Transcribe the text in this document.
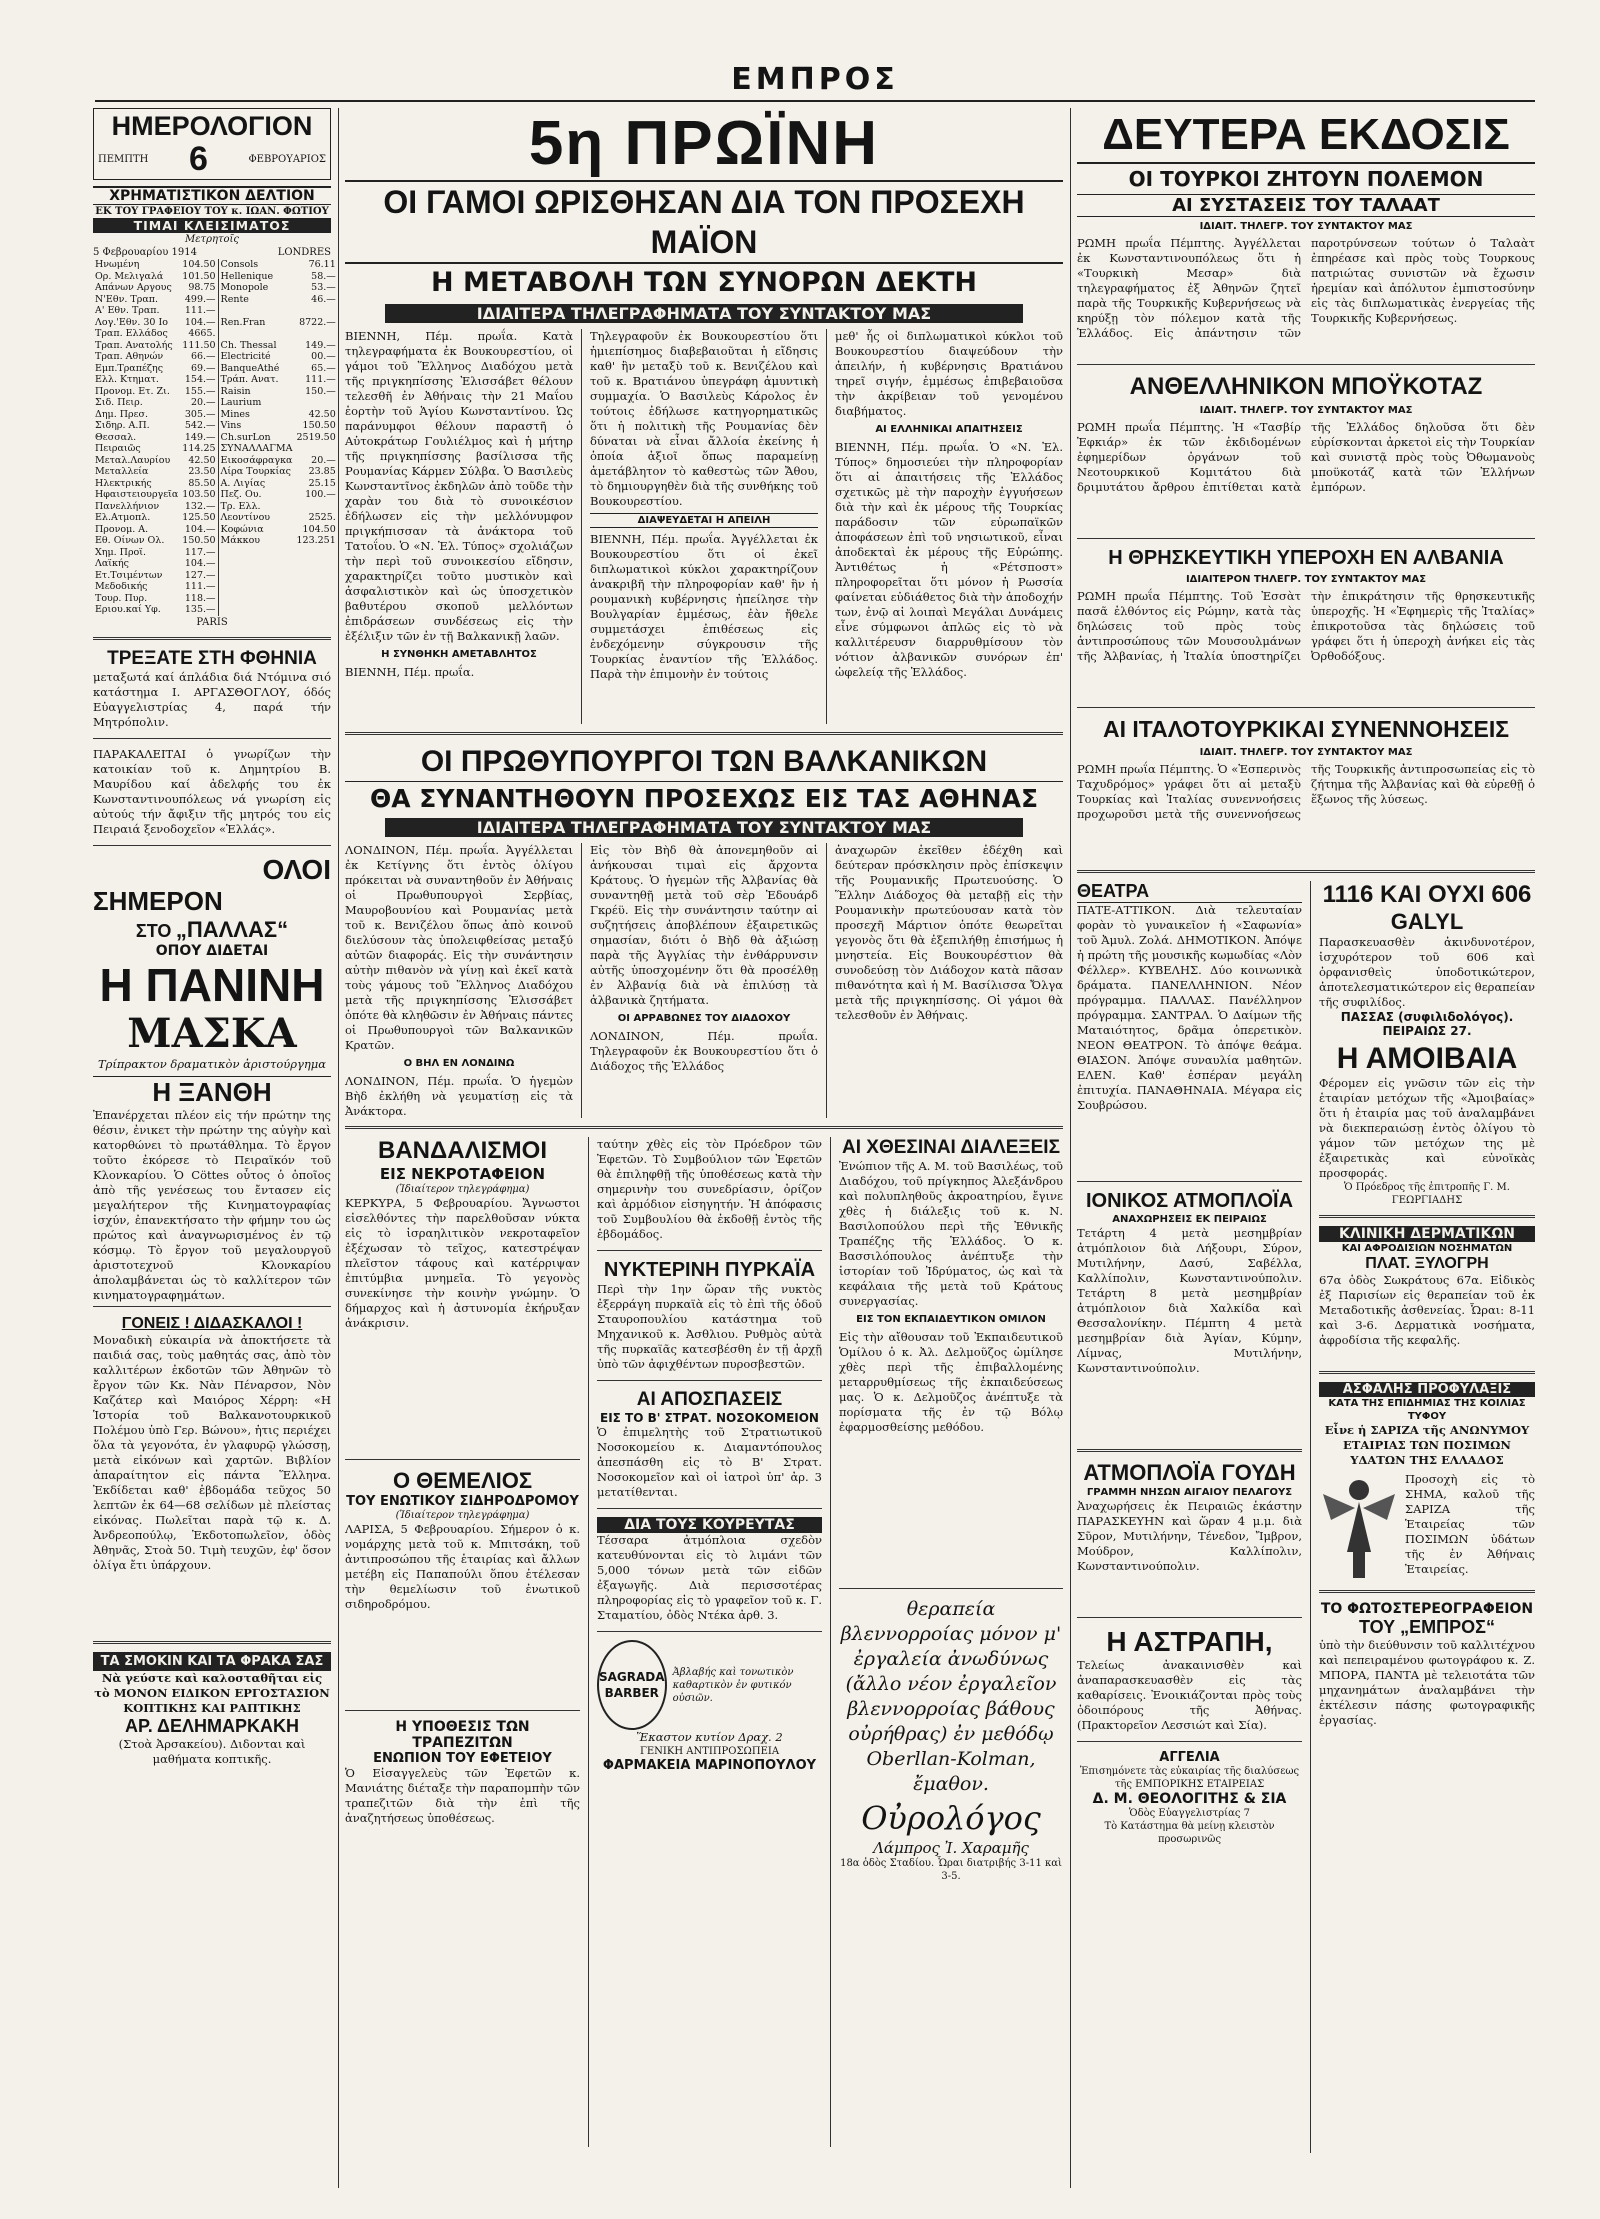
ΕΜΠΡΟΣ
ΗΜΕΡΟΛΟΓΙΟΝ
ΠΕΜΠΤΗ 6	ΦΕΒΡΟΥΑΡΙΟΣ
ΧΡΗΜΑΤΙΣΤΙΚΟΝ ΔΕΛΤΙΟΝ
ΕΚ ΤΟΥ ΓΡΑΦΕΙΟΥ ΤΟΥ κ. ΙΩΑΝ. ΦΩΤΙΟΥ
ΤΙΜΑΙ ΚΛΕΙΣΙΜΑΤΟΣ
Μετρητοῖς
5 Φεβρουαρίου 1914	LONDRES
Ηνωμένη	104.50	Consols	76.11
Ορ. Μελιγαλά	101.50	Hellenique	58.—
Απάνων Αργους	98.75	Monopole	53.—
Ν'Εθν. Τραπ.	499.—	Rente	46.—
Α' Εθν. Τραπ.	111.—		
Λογ.'Εθν. 30 Ιο	104.—	Ren.Fran	8722.—
Τραπ. Ελλάδος	4665.		
Τραπ. Ανατολής	111.50	Ch. Thessal	149.—
Τραπ. Αθηνών	66.—	Electricité	00.—
Εμπ.Τραπέζης	69.—	BanqueAthé	65.—
Ελλ. Κτηματ.	154.—	Τράπ. Ανατ.	111.—
Προνομ. Ετ. Ζι.	155.—	Raisin	150.—
Σιδ. Πειρ.	20.—	Laurium	
Δημ. Πρεσ.	305.—	Mines	42.50
Σιδηρ. Α.Π.	542.—	Vins	150.50
Θεσσαλ.	149.—	Ch.surLon	2519.50
Πειραιῶς	114.25	ΣΥΝΑΛΛΑΓΜΑ	
Μεταλ.Λαυρίου	42.50	Εικοσάφραγκα	20.—
Μεταλλεία	23.50	Λίρα Τουρκίας	23.85
Ηλεκτρικής	85.50	Α. Λιγίας	25.15
Ηφαιστειουργεῖα	103.50	Πεζ. Ου.	100.—
Πανελλήνιον	132.—	Τρ. Ελλ.	
Ελ.Ατμοπλ.	125.50	Λεοντίνου	2525.
Προνομ. Α.	104.—	Κοφώνια	104.50
Εθ. Οίνων Ολ.	150.50	Μάκκου	123.251
Χημ. Προϊ.	117.—		
Λαϊκής	104.—		
Ετ.Τσιμέντων	127.—		
Μεδοδικής	111.—		
Τουρ. Πυρ.	118.—		
Εριου.καί Υφ.	135.—		
PARIS
ΤΡΕΞΑΤΕ ΣΤΗ ΦΘΗΝΙΑ
μεταξωτά καί άπλάδια διά Ντόμινα σιό κατάστημα Ι. ΑΡΓΑΣΘΟΓΛΟΥ, όδός Εὐαγγελιστρίας 4, παρά τήν Μητρόπολιν.
ΠΑΡΑΚΑΛΕΙΤΑΙ ὁ γνωρίζων τὴν κατοικίαν τοῦ κ. Δημητρίου Β. Μαυρίδου καί ἀδελφής του ἐκ Κωνσταντινουπόλεως νά γνωρίση εἰς αὐτούς τήν ἄφιξιν τῆς μητρός του εἰς Πειραιά ξενοδοχεῖον «Ἑλλάς».
ΟΛΟΙ
ΣΗΜΕΡΟΝ
ΣΤΟ „ΠΑΛΛΑΣ“
ΟΠΟΥ ΔΙΔΕΤΑΙ
Η ΠΑΝΙΝΗ
ΜΑΣΚΑ
Τρίπρακτον δραματικὸν ἀριστούργημα
Η ΞΑΝΘΗ
Ἐπανέρχεται πλέον εἰς τήν πρώτην της θέσιν, ἐνικετ τὴν πρώτην της αὐγὴν καὶ κατορθώνει τὸ πρωτάθλημα. Τὸ ἔργον τοῦτο ἐκόρεσε τὸ Πειραϊκόν τοῦ Κλονκαρίου. Ὁ Cöttes οὗτος ὁ ὁποῖος ἀπὸ τῆς γενέσεως του ἔντασεν εἰς μεγαλήτερον τῆς Κινηματογραφίας ἰσχύν, ἐπανεκτήσατο τὴν φήμην του ὡς πρώτος καὶ ἀναγνωρισμένος ἐν τῷ κόσμῳ. Τὸ ἔργον τοῦ μεγαλουργοῦ ἀριστοτεχνοῦ Κλονκαρίου ἀπολαμβάνεται ὡς τὸ καλλίτερον τῶν κινηματογραφημάτων.
ΓΟΝΕΙΣ ! ΔΙΔΑΣΚΑΛΟΙ !
Μοναδικὴ εὐκαιρία νὰ ἀποκτήσετε τὰ παιδιά σας, τοὺς μαθητάς σας, ἀπὸ τὸν καλλιτέρων ἐκδοτῶν τῶν Ἀθηνῶν τὸ ἔργον τῶν Κκ. Νὰν Πέναρσον, Νὸν Καζάτερ καὶ Μαιόρος Χέρρη: «Η Ἱστορία τοῦ Βαλκανοτουρκικοῦ Πολέμου ὑπὸ Γερ. Βώνου», ἡτις περιέχει ὅλα τὰ γεγονότα, ἐν γλαφυρῷ γλώσσῃ, μετὰ εἰκόνων καὶ χαρτῶν. Βιβλίον ἀπαραίτητον εἰς πάντα Ἕλληνα. Ἐκδίδεται καθ' ἑβδομάδα τεῦχος 50 λεπτῶν ἐκ 64—68 σελίδων μὲ πλείστας εἰκόνας. Πωλεῖται παρὰ τῷ κ. Δ. Ἀνδρεοπούλῳ, Ἐκδοτοπωλεῖον, ὁδὸς Ἀθηνᾶς, Στοὰ 50. Τιμὴ τευχῶν, ἐφ' ὅσον ὀλίγα ἔτι ὑπάρχουν.
ΤΑ ΣΜΟΚΙΝ ΚΑΙ ΤΑ ΦΡΑΚΑ ΣΑΣ
Νὰ γεύστε καὶ καλοσταθῆται εἰς τὸ ΜΟΝΟΝ ΕΙΔΙΚΟΝ ΕΡΓΟΣΤΑΣΙΟΝ ΚΟΠΤΙΚΗΣ ΚΑΙ ΡΑΠΤΙΚΗΣ
ΑΡ. ΔΕΛΗΜΑΡΚΑΚΗ
(Στοὰ Ἀρσακείου). Διδονται καὶ μαθήματα κοπτικῆς.
5η ΠΡΩΪΝΗ
ΟΙ ΓΑΜΟΙ ΩΡΙΣΘΗΣΑΝ ΔΙΑ ΤΟΝ ΠΡΟΣΕΧΗ ΜΑΪΟΝ
Η ΜΕΤΑΒΟΛΗ ΤΩΝ ΣΥΝΟΡΩΝ ΔΕΚΤΗ
ΙΔΙΑΙΤΕΡΑ ΤΗΛΕΓΡΑΦΗΜΑΤΑ ΤΟΥ ΣΥΝΤΑΚΤΟΥ ΜΑΣ
ΒΙΕΝΝΗ, Πέμ. πρωΐα. Κατὰ τηλεγραφήματα ἐκ Βουκουρεστίου, οἱ γάμοι τοῦ Ἕλληνος Διαδόχου μετὰ τῆς πριγκηπίσσης Ἐλισσάβετ θέλουν τελεσθῆ ἐν Ἀθήναις τὴν 21 Μαΐου ἑορτὴν τοῦ Ἁγίου Κωνσταντίνου. Ὡς παράνυμφοι θέλουν παραστῆ ὁ Αὐτοκράτωρ Γουλιέλμος καὶ ἡ μήτηρ τῆς πριγκηπίσσης βασίλισσα τῆς Ρουμανίας Κάρμεν Σύλβα. Ὁ Βασιλεὺς Κωνσταντῖνος ἐκδηλῶν ἀπὸ τοῦδε τὴν χαρὰν του διὰ τὸ συνοικέσιον ἐδήλωσεν εἰς τὴν μελλόνυμφον πριγκήπισσαν τὰ ἀνάκτορα τοῦ Τατοΐου. Ὁ «Ν. Ἐλ. Τύπος» σχολιάζων τὴν περὶ τοῦ συνοικεσίου εἴδησιν, χαρακτηρίζει τοῦτο μυστικὸν καὶ ἀσφαλιστικὸν καὶ ὡς ὑποσχετικὸν βαθυτέρου σκοποῦ μελλόντων ἐπιδράσεων συνδέσεως εἰς τὴν ἐξέλιξιν τῶν ἐν τῇ Βαλκανικῇ λαῶν.
Η ΣΥΝΘΗΚΗ ΑΜΕΤΑΒΛΗΤΟΣ
ΒΙΕΝΝΗ, Πέμ. πρωΐα.
Τηλεγραφοῦν ἐκ Βουκουρεστίου ὅτι ἡμιεπίσημος διαβεβαιοῦται ἡ εἴδησις καθ' ἣν μεταξὺ τοῦ κ. Βενιζέλου καὶ τοῦ κ. Βρατιάνου ὑπεγράφη ἀμυντικὴ συμμαχία. Ὁ Βασιλεὺς Κάρολος ἐν τούτοις ἐδήλωσε κατηγορηματικῶς ὅτι ἡ πολιτικὴ τῆς Ρουμανίας δὲν δύναται νὰ εἶναι ἄλλοία ἐκείνης ἡ ὁποία ἀξιοῖ ὅπως παραμείνῃ ἀμετάβλητον τὸ καθεστὼς τῶν Ἄθου, τὸ δημιουργηθὲν διὰ τῆς συνθήκης τοῦ Βουκουρεστίου.
ΔΙΑΨΕΥΔΕΤΑΙ Η ΑΠΕΙΛΗ
ΒΙΕΝΝΗ, Πέμ. πρωΐα. Ἀγγέλλεται ἐκ Βουκουρεστίου ὅτι οἱ ἐκεῖ διπλωματικοὶ κύκλοι χαρακτηρίζουν ἀνακριβῆ τὴν πληροφορίαν καθ' ἣν ἡ ρουμανικὴ κυβέρνησις ἠπείλησε τὴν Βουλγαρίαν ἐμμέσως, ἐὰν ἤθελε συμμετάσχει ἐπιθέσεως εἰς ἐνδεχόμενην σύγκρουσιν τῆς Τουρκίας ἐναντίον τῆς Ἑλλάδος. Παρὰ τὴν ἐπιμονὴν ἐν τούτοις
μεθ' ἧς οἱ διπλωματικοὶ κύκλοι τοῦ Βουκουρεστίου διαψεύδουν τὴν ἀπειλήν, ἡ κυβέρνησις Βρατιάνου τηρεῖ σιγήν, ἐμμέσως ἐπιβεβαιοῦσα τὴν ἀκρίβειαν τοῦ γενομένου διαβήματος.
ΑΙ ΕΛΛΗΝΙΚΑΙ ΑΠΑΙΤΗΣΕΙΣ
ΒΙΕΝΝΗ, Πέμ. πρωΐα. Ὁ «Ν. Ἐλ. Τύπος» δημοσιεύει τὴν πληροφορίαν ὅτι αἱ ἀπαιτήσεις τῆς Ἑλλάδος σχετικῶς μὲ τὴν παροχὴν ἐγγυήσεων διὰ τὴν καὶ ἐκ μέρους τῆς Τουρκίας παράδοσιν τῶν εὐρωπαϊκῶν ἀποφάσεων ἐπὶ τοῦ νησιωτικοῦ, εἶναι ἀποδεκταὶ ἐκ μέρους τῆς Εὐρώπης. Ἀντιθέτως ἡ «Ρέτσποστ» πληροφορεῖται ὅτι μόνον ἡ Ρωσσία φαίνεται εὐδιάθετος διὰ τὴν ἀποδοχήν των, ἐνῷ αἱ λοιπαὶ Μεγάλαι Δυνάμεις εἶνε σύμφωνοι ἁπλῶς εἰς τὸ νὰ καλλιτέρευσν διαρρυθμίσουν τὸν νότιον ἀλβανικῶν συνόρων ἐπ' ὠφελείᾳ τῆς Ἑλλάδος.
ΟΙ ΠΡΩΘΥΠΟΥΡΓΟΙ ΤΩΝ ΒΑΛΚΑΝΙΚΩΝ
ΘΑ ΣΥΝΑΝΤΗΘΟΥΝ ΠΡΟΣΕΧΩΣ ΕΙΣ ΤΑΣ ΑΘΗΝΑΣ
ΙΔΙΑΙΤΕΡΑ ΤΗΛΕΓΡΑΦΗΜΑΤΑ ΤΟΥ ΣΥΝΤΑΚΤΟΥ ΜΑΣ
ΛΟΝΔΙΝΟΝ, Πέμ. πρωΐα. Ἀγγέλλεται ἐκ Κετίγνης ὅτι ἐντὸς ὀλίγου πρόκειται νὰ συναντηθοῦν ἐν Ἀθήναις οἱ Πρωθυπουργοὶ Σερβίας, Μαυροβουνίου καὶ Ρουμανίας μετὰ τοῦ κ. Βενιζέλου ὅπως ἀπὸ κοινοῦ διελύσουν τὰς ὑπολειφθείσας μεταξύ αὐτῶν διαφοράς. Εἰς τὴν συνάντησιν αὐτὴν πιθανὸν νὰ γίνῃ καὶ ἐκεῖ κατὰ τοὺς γάμους τοῦ Ἕλληνος Διαδόχου μετὰ τῆς πριγκηπίσσης Ἐλισσάβετ ὁπότε θὰ κληθῶσιν ἐν Ἀθήναις πάντες οἱ Πρωθυπουργοὶ τῶν Βαλκανικῶν Κρατῶν.
Ο ΒΗΛ ΕΝ ΛΟΝΔΙΝΩ
ΛΟΝΔΙΝΟΝ, Πέμ. πρωΐα. Ὁ ἡγεμὼν Βὴδ ἐκλήθη νὰ γευματίσῃ εἰς τὰ Ἀνάκτορα.
Εἰς τὸν Βὴδ θὰ ἀπονεμηθοῦν αἱ ἀνήκουσαι τιμαὶ εἰς ἄρχοντα Κράτους. Ὁ ἡγεμὼν τῆς Ἀλβανίας θὰ συναντηθῇ μετὰ τοῦ σὲρ Ἐδουάρδ Γκρέϋ. Εἰς τὴν συνάντησιν ταύτην αἱ συζητήσεις ἀποβλέπουν ἐξαιρετικῶς σημασίαν, διότι ὁ Βὴδ θὰ ἀξιώσῃ παρὰ τῆς Ἀγγλίας τὴν ἐνθάρρυνσιν αὐτῆς ὑποσχομένην ὅτι θὰ προσέλθῃ ἐν Ἀλβανίᾳ διὰ νὰ ἐπιλύσῃ τὰ ἀλβανικὰ ζητήματα.
ΟΙ ΑΡΡΑΒΩΝΕΣ ΤΟΥ ΔΙΑΔΟΧΟΥ
ΛΟΝΔΙΝΟΝ, Πέμ. πρωΐα. Τηλεγραφοῦν ἐκ Βουκουρεστίου ὅτι ὁ Διάδοχος τῆς Ἑλλάδος
ἀναχωρῶν ἐκεῖθεν ἐδέχθη καὶ δεύτεραν πρόσκλησιν πρὸς ἐπίσκεψιν τῆς Ρουμανικῆς Πρωτευούσης. Ὁ Ἕλλην Διάδοχος θὰ μεταβῇ εἰς τὴν Ρουμανικὴν πρωτεύουσαν κατὰ τὸν προσεχῆ Μάρτιον ὁπότε θεωρεῖται γεγονὸς ὅτι θὰ ἐξεπιλήθῃ ἐπισήμως ἡ μνηστεία. Εἰς Βουκουρέστιον θὰ συνοδεύσῃ τὸν Διάδοχον κατὰ πᾶσαν πιθανότητα καὶ ἡ Μ. Βασίλισσα Ὄλγα μετὰ τῆς πριγκηπίσσης. Οἱ γάμοι θὰ τελεσθοῦν ἐν Ἀθήναις.
ΒΑΝΔΑΛΙΣΜΟΙ
ΕΙΣ ΝΕΚΡΟΤΑΦΕΙΟΝ
(Ἰδιαίτερον τηλεγράφημα)
ΚΕΡΚΥΡΑ, 5 Φεβρουαρίου. Ἄγνωστοι εἰσελθόντες τὴν παρελθοῦσαν νύκτα εἰς τὸ ἰσραηλιτικὸν νεκροταφεῖον ἐξέχωσαν τὸ τεῖχος, κατεστρέψαν πλεῖστον τάφους καὶ κατέρριψαν ἐπιτύμβια μνημεῖα. Τὸ γεγονὸς συνεκίνησε τὴν κοινὴν γνώμην. Ὁ δήμαρχος καὶ ἡ ἀστυνομία ἐκήρυξαν ἀνάκρισιν.
Ο ΘΕΜΕΛΙΟΣ
ΤΟΥ ΕΝΩΤΙΚΟΥ ΣΙΔΗΡΟΔΡΟΜΟΥ
(Ἰδιαίτερον τηλεγράφημα)
ΛΑΡΙΣΑ, 5 Φεβρουαρίου. Σήμερον ὁ κ. νομάρχης μετὰ τοῦ κ. Μπιτσάκη, τοῦ ἀντιπροσώπου τῆς ἑταιρίας καὶ ἄλλων μετέβη εἰς Παπαπούλι ὅπου ἐτέλεσαν τὴν θεμελίωσιν τοῦ ἐνωτικοῦ σιδηροδρόμου.
Η ΥΠΟΘΕΣΙΣ ΤΩΝ ΤΡΑΠΕΖΙΤΩΝ
ΕΝΩΠΙΟΝ ΤΟΥ ΕΦΕΤΕΙΟΥ
Ὁ Εἰσαγγελεὺς τῶν Ἐφετῶν κ. Μανιάτης διέταξε τὴν παραπομπὴν τῶν τραπεζιτῶν διὰ τὴν ἐπὶ τῆς ἀναζητήσεως ὑποθέσεως.
ταύτην χθὲς εἰς τὸν Πρόεδρον τῶν Ἐφετῶν. Τὸ Συμβούλιον τῶν Ἐφετῶν θὰ ἐπιληφθῇ τῆς ὑποθέσεως κατὰ τὴν σημερινὴν του συνεδρίασιν, ὀρίζον καὶ ἀρμόδιον εἰσηγητήν. Ἡ ἀπόφασις τοῦ Συμβουλίου θὰ ἐκδοθῇ ἐντὸς τῆς ἑβδομάδος.
ΝΥΚΤΕΡΙΝΗ ΠΥΡΚΑΪΑ
Περὶ τὴν 1ην ὥραν τῆς νυκτὸς ἐξερράγη πυρκαϊὰ εἰς τὸ ἐπὶ τῆς ὁδοῦ Σταυροπουλίου κατάστημα τοῦ Μηχανικοῦ κ. Ἀσθλιου. Ρυθμὸς αὐτὰ τῆς πυρκαϊᾶς κατεσβέσθη ἐν τῇ ἀρχῇ ὑπὸ τῶν ἀφιχθέντων πυροσβεστῶν.
ΑΙ ΑΠΟΣΠΑΣΕΙΣ
ΕΙΣ ΤΟ Β' ΣΤΡΑΤ. ΝΟΣΟΚΟΜΕΙΟΝ
Ὁ ἐπιμελητὴς τοῦ Στρατιωτικοῦ Νοσοκομείου κ. Διαμαντόπουλος ἀπεσπάσθη εἰς τὸ Β' Στρατ. Νοσοκομεῖον καὶ οἱ ἰατροὶ ὑπ' ἀρ. 3 μετατίθενται.
ΔΙΑ ΤΟΥΣ ΚΟΥΡΕΥΤΑΣ
Τέσσαρα ἀτμόπλοια σχεδὸν κατευθύνονται εἰς τὸ λιμάνι τῶν 5,000 τόνων μετὰ τῶν εἰδῶν ἐξαγωγῆς. Διὰ περισσοτέρας πληροφορίας εἰς τὸ γραφεῖον τοῦ κ. Γ. Σταματίου, ὁδὸς Ντέκα ἀρθ. 3.
SAGRADA BARBER
Ἀβλαβής καὶ τονωτικὸν καθαρτικὸν ἐν φυτικόν οὐσιῶν.
Ἕκαστον κυτίον Δραχ. 2
ΓΕΝΙΚΗ ΑΝΤΙΠΡΟΣΩΠΕΙΑ
ΦΑΡΜΑΚΕΙΑ ΜΑΡΙΝΟΠΟΥΛΟΥ
ΑΙ ΧΘΕΣΙΝΑΙ ΔΙΑΛΕΞΕΙΣ
Ἐνώπιον τῆς Α. Μ. τοῦ Βασιλέως, τοῦ Διαδόχου, τοῦ πρίγκηπος Ἀλεξάνδρου καὶ πολυπληθοῦς ἀκροατηρίου, ἔγινε χθὲς ἡ διάλεξις τοῦ κ. Ν. Βασιλοπούλου περὶ τῆς Ἐθνικῆς Τραπέζης τῆς Ἑλλάδος. Ὁ κ. Βασσιλόπουλος ἀνέπτυξε τὴν ἱστορίαν τοῦ Ἰδρύματος, ὡς καὶ τὰ κεφάλαια τῆς μετὰ τοῦ Κράτους συνεργασίας.
ΕΙΣ ΤΟΝ ΕΚΠΑΙΔΕΥΤΙΚΟΝ ΟΜΙΛΟΝ
Εἰς τὴν αἴθουσαν τοῦ Ἐκπαιδευτικοῦ Ὁμίλου ὁ κ. Ἀλ. Δελμοῦζος ὡμίλησε χθὲς περὶ τῆς ἐπιβαλλομένης μεταρρυθμίσεως τῆς ἐκπαιδεύσεως μας. Ὁ κ. Δελμοῦζος ἀνέπτυξε τὰ πορίσματα τῆς ἐν τῷ Βόλῳ ἐφαρμοσθείσης μεθόδου.
θεραπεία βλεννορροίας μόνον μ' ἐργαλεία ἀνωδύνως (ἄλλο νέον ἐργαλεῖον βλεννορροίας βάθους οὐρήθρας) ἐν μεθόδῳ Oberllan-Kolman, ἔμαθον.
Οὐρολόγος
Λάμπρος Ἰ. Χαραμῆς
18α ὁδὸς Σταδίου. Ὧραι διατριβής 3-11 καὶ 3-5.
ΔΕΥΤΕΡΑ ΕΚΔΟΣΙΣ
ΟΙ ΤΟΥΡΚΟΙ ΖΗΤΟΥΝ ΠΟΛΕΜΟΝ
ΑΙ ΣΥΣΤΑΣΕΙΣ ΤΟΥ ΤΑΛΑΑΤ
ΙΔΙΑΙΤ. ΤΗΛΕΓΡ. ΤΟΥ ΣΥΝΤΑΚΤΟΥ ΜΑΣ
ΡΩΜΗ πρωΐα Πέμπτης. Ἀγγέλλεται ἐκ Κωνσταντινουπόλεως ὅτι ἡ «Τουρκικὴ Μεσαρ» διὰ τηλεγραφήματος ἐξ Ἀθηνῶν ζητεῖ παρὰ τῆς Τουρκικῆς Κυβερνήσεως νὰ κηρύξῃ τὸν πόλεμον κατὰ τῆς Ἑλλάδος. Εἰς ἀπάντησιν τῶν παροτρύνσεων τούτων ὁ Ταλαὰτ ἐπηρέασε καὶ πρὸς τοὺς Τουρκους πατριώτας συνιστῶν νὰ ἔχωσιν ἠρεμίαν καὶ ἀπόλυτον ἐμπιστοσύνην εἰς τὰς διπλωματικὰς ἐνεργείας τῆς Τουρκικῆς Κυβερνήσεως.
ΑΝΘΕΛΛΗΝΙΚΟΝ ΜΠΟΫΚΟΤΑΖ
ΙΔΙΑΙΤ. ΤΗΛΕΓΡ. ΤΟΥ ΣΥΝΤΑΚΤΟΥ ΜΑΣ
ΡΩΜΗ πρωΐα Πέμπτης. Ἡ «Τασβίρ Ἐφκιάρ» ἐκ τῶν ἐκδιδομένων ἐφημερίδων ὀργάνων τοῦ Νεοτουρκικοῦ Κομιτάτου διὰ δριμυτάτου ἄρθρου ἐπιτίθεται κατὰ τῆς Ἑλλάδος δηλοῦσα ὅτι δὲν εὑρίσκονται ἀρκετοὶ εἰς τὴν Τουρκίαν καὶ συνιστᾷ πρὸς τοὺς Ὀθωμανοὺς μποϋκοτάζ κατὰ τῶν Ἑλλήνων ἐμπόρων.
Η ΘΡΗΣΚΕΥΤΙΚΗ ΥΠΕΡΟΧΗ ΕΝ ΑΛΒΑΝΙΑ
ΙΔΙΑΙΤΕΡΟΝ ΤΗΛΕΓΡ. ΤΟΥ ΣΥΝΤΑΚΤΟΥ ΜΑΣ
ΡΩΜΗ πρωΐα Πέμπτης. Τοῦ Ἐσσὰτ πασᾶ ἐλθόντος εἰς Ρώμην, κατὰ τὰς δηλώσεις τοῦ πρὸς τοὺς ἀντιπροσώπους τῶν Μουσουλμάνων τῆς Ἀλβανίας, ἡ Ἰταλία ὑποστηρίζει τὴν ἐπικράτησιν τῆς θρησκευτικῆς ὑπεροχῆς. Ἡ «Ἐφημερὶς τῆς Ἰταλίας» ἐπικροτοῦσα τὰς δηλώσεις τοῦ γράφει ὅτι ἡ ὑπεροχὴ ἀνήκει εἰς τὰς Ὀρθοδόξους.
ΑΙ ΙΤΑΛΟΤΟΥΡΚΙΚΑΙ ΣΥΝΕΝΝΟΗΣΕΙΣ
ΙΔΙΑΙΤ. ΤΗΛΕΓΡ. ΤΟΥ ΣΥΝΤΑΚΤΟΥ ΜΑΣ
ΡΩΜΗ πρωΐα Πέμπτης. Ὁ «Ἑσπερινὸς Ταχυδρόμος» γράφει ὅτι αἱ μεταξὺ Τουρκίας καὶ Ἰταλίας συνεννοήσεις προχωροῦσι μετὰ τῆς συνεννοήσεως τῆς Τουρκικῆς ἀντιπροσωπείας εἰς τὸ ζήτημα τῆς Ἀλβανίας καὶ θὰ εὐρεθῇ ὁ ἕξωνος τῆς λύσεως.
ΘΕΑΤΡΑ
ΠΑΤΕ-ΑΤΤΙΚΟΝ. Διὰ τελευταίαν φορὰν τὸ γυναικεῖον ἡ «Σαφωνία» τοῦ Ἀμυλ. Ζολά. ΔΗΜΟΤΙΚΟΝ. Ἀπόψε ἡ πρώτη τῆς μουσικῆς κωμωδίας «Λὸν Φέλλερ». ΚΥΒΕΛΗΣ. Δύο κοινωνικὰ δράματα. ΠΑΝΕΛΛΗΝΙΟΝ. Νέον πρόγραμμα. ΠΑΛΛΑΣ. Πανέλληνον πρόγραμμα. ΣΑΝΤΡΑΛ. Ὁ Δαίμων τῆς Ματαιότητος, δρᾶμα ὀπερετικὸν. ΝΕΟΝ ΘΕΑΤΡΟΝ. Τὸ ἀπόψε θεάμα. ΘΙΑΣΟΝ. Ἀπόψε συναυλία μαθητῶν. ΕΛΕΝ. Καθ' ἑσπέραν μεγάλη ἐπιτυχία. ΠΑΝΑΘΗΝΑΙΑ. Μέγαρα εἰς Σουβρώσου.
ΙΟΝΙΚΟΣ ΑΤΜΟΠΛΟΪΑ
ΑΝΑΧΩΡΗΣΕΙΣ ΕΚ ΠΕΙΡΑΙΩΣ
Τετάρτη 4 μετὰ μεσημβρίαν ἀτμόπλοιον διὰ Λήξουρι, Σύρον, Μυτιλήνην, Δασύ, Σαβέλλα, Καλλίπολιν, Κωνσταντινούπολιν. Τετάρτη 8 μετὰ μεσημβρίαν ἀτμόπλοιον διὰ Χαλκίδα καὶ Θεσσαλονίκην. Πέμπτη 4 μετὰ μεσημβρίαν διὰ Ἀγίαν, Κύμην, Λίμνας, Μυτιλήνην, Κωνσταντινούπολιν.
ΑΤΜΟΠΛΟΪΑ ΓΟΥΔΗ
ΓΡΑΜΜΗ ΝΗΣΩΝ ΑΙΓΑΙΟΥ ΠΕΛΑΓΟΥΣ
Ἀναχωρήσεις ἐκ Πειραιῶς ἑκάστην ΠΑΡΑΣΚΕΥΗΝ καὶ ὥραν 4 μ.μ. διὰ Σῦρον, Μυτιλήνην, Τένεδον, Ἴμβρον, Μούδρον, Καλλίπολιν, Κωνσταντινούπολιν.
Η ΑΣΤΡΑΠΗ,
Τελείως ἀνακαινισθὲν καὶ ἀναπαρασκευασθὲν εἰς τὰς καθαρίσεις. Ἐνοικιάζονται πρὸς τοὺς ὁδοιπόρους τῆς Ἀθήνας. (Πρακτορεῖον Λεσσιώτ καὶ Σία).
ΑΓΓΕΛΙΑ
Ἐπισημόνετε τὰς εὐκαιρίας τῆς διαλύσεως τῆς ΕΜΠΟΡΙΚΗΣ ΕΤΑΙΡΕΙΑΣ
Δ. Μ. ΘΕΟΛΟΓΙΤΗΣ & ΣΙΑ
Ὁδὸς Εὐαγγελιστρίας 7
Τὸ Κατάστημα θὰ μείνῃ κλειστὸν προσωρινῶς
1116 ΚΑΙ ΟΥΧΙ 606
GALYL
Παρασκευασθὲν ἀκινδυνοτέρον, ἰσχυρότερον τοῦ 606 καὶ ὀρφανισθεὶς ὑποδοτικώτερον, ἀποτελεσματικώτερον εἰς θεραπείαν τῆς συφιλίδος.
ΠΑΣΣΑΣ (συφιλιδολόγος). ΠΕΙΡΑΙΩΣ 27.
Η ΑΜΟΙΒΑΙΑ
Φέρομεν εἰς γνῶσιν τῶν εἰς τὴν ἑταιρίαν μετόχων τῆς «Ἀμοιβαίας» ὅτι ἡ ἐταιρία μας τοῦ ἀναλαμβάνει νὰ διεκπεραιώσῃ ἐντὸς ὀλίγου τὸ γάμον τῶν μετόχων της μὲ ἐξαιρετικὰς καὶ εὐνοϊκὰς προσφοράς.
Ὁ Πρόεδρος τῆς ἐπιτροπῆς Γ. Μ. ΓΕΩΡΓΙΑΔΗΣ
ΚΛΙΝΙΚΗ ΔΕΡΜΑΤΙΚΩΝ
ΚΑΙ ΑΦΡΟΔΙΣΙΩΝ ΝΟΣΗΜΑΤΩΝ
ΠΛΑΤ. ΞΥΛΟΓΡΗ
67α ὁδὸς Σωκράτους 67α. Εἰδικὸς ἐξ Παρισίων εἰς θεραπείαν τοῦ ἐκ Μεταδοτικῆς ἀσθενείας. Ὧραι: 8-11 καὶ 3-6. Δερματικὰ νοσήματα, ἀφροδίσια τῆς κεφαλῆς.
ΑΣΦΑΛΗΣ ΠΡΟΦΥΛΑΞΙΣ
ΚΑΤΑ ΤΗΣ ΕΠΙΔΗΜΙΑΣ ΤΗΣ ΚΟΙΛΙΑΣ ΤΥΦΟΥ
Εἶνε ἡ ΣΑΡΙΖΑ τῆς ΑΝΩΝΥΜΟΥ ΕΤΑΙΡΙΑΣ ΤΩΝ ΠΟΣΙΜΩΝ ΥΔΑΤΩΝ ΤΗΣ ΕΛΛΑΔΟΣ
Προσοχὴ εἰς τὸ ΣΗΜΑ, καλοῦ τῆς ΣΑΡΙΖΑ τῆς Ἑταιρείας τῶν ΠΟΣΙΜΩΝ ὑδάτων τῆς ἐν Ἀθήναις Ἐταιρείας.
ΤΟ ΦΩΤΟΣΤΕΡΕΟΓΡΑΦΕΙΟΝ
ΤΟΥ „ΕΜΠΡΟΣ“
ὑπὸ τὴν διεύθυνσιν τοῦ καλλιτέχνου καὶ πεπειραμένου φωτογράφου κ. Ζ. ΜΠΟΡΑ, ΠΑΝΤΑ μὲ τελειοτάτα τῶν μηχανημάτων ἀναλαμβάνει τὴν ἐκτέλεσιν πάσης φωτογραφικῆς ἐργασίας.
